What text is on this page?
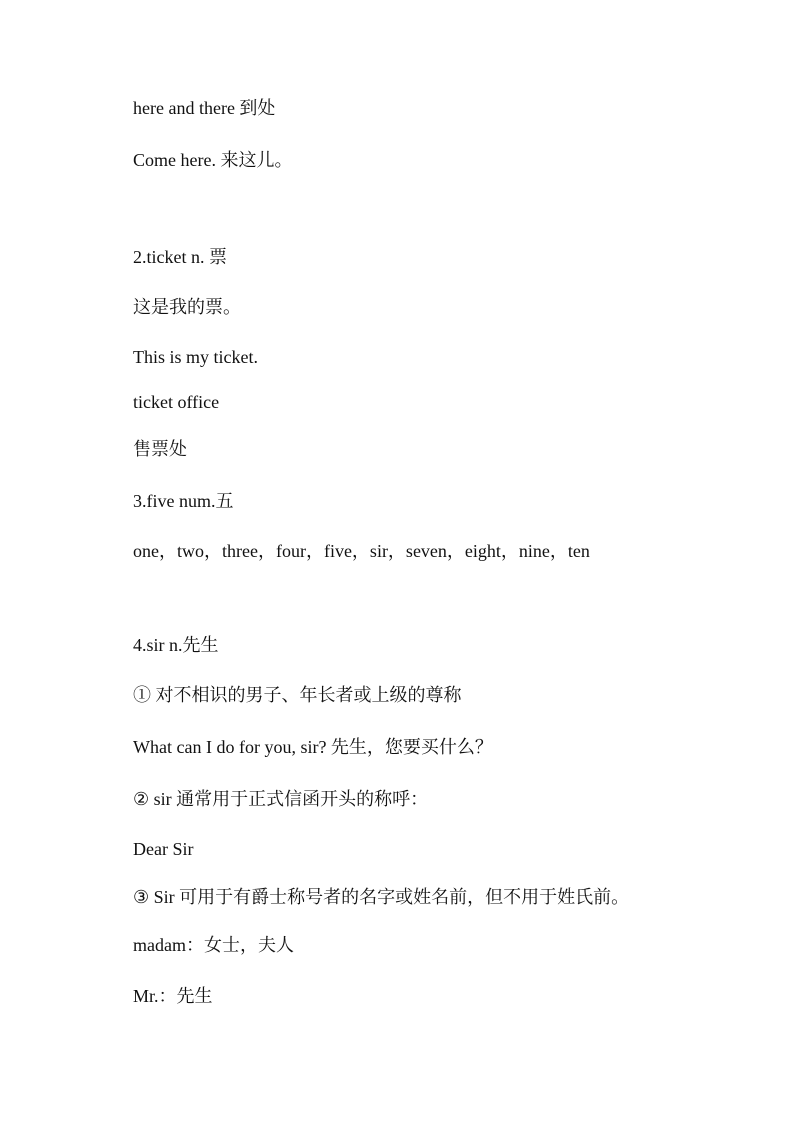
here and there 到处
Come here. 来这儿。
2.ticket n. 票
这是我的票。
This is my ticket.
ticket office
售票处
3.five num.五
one，two，three，four，five，sir，seven，eight，nine，ten
4.sir n.先生
① 对不相识的男子、年长者或上级的尊称
What can I do for you, sir? 先生，您要买什么？
② sir 通常用于正式信函开头的称呼：
Dear Sir
③ Sir 可用于有爵士称号者的名字或姓名前，但不用于姓氏前。
madam：女士，夫人
Mr.：先生
